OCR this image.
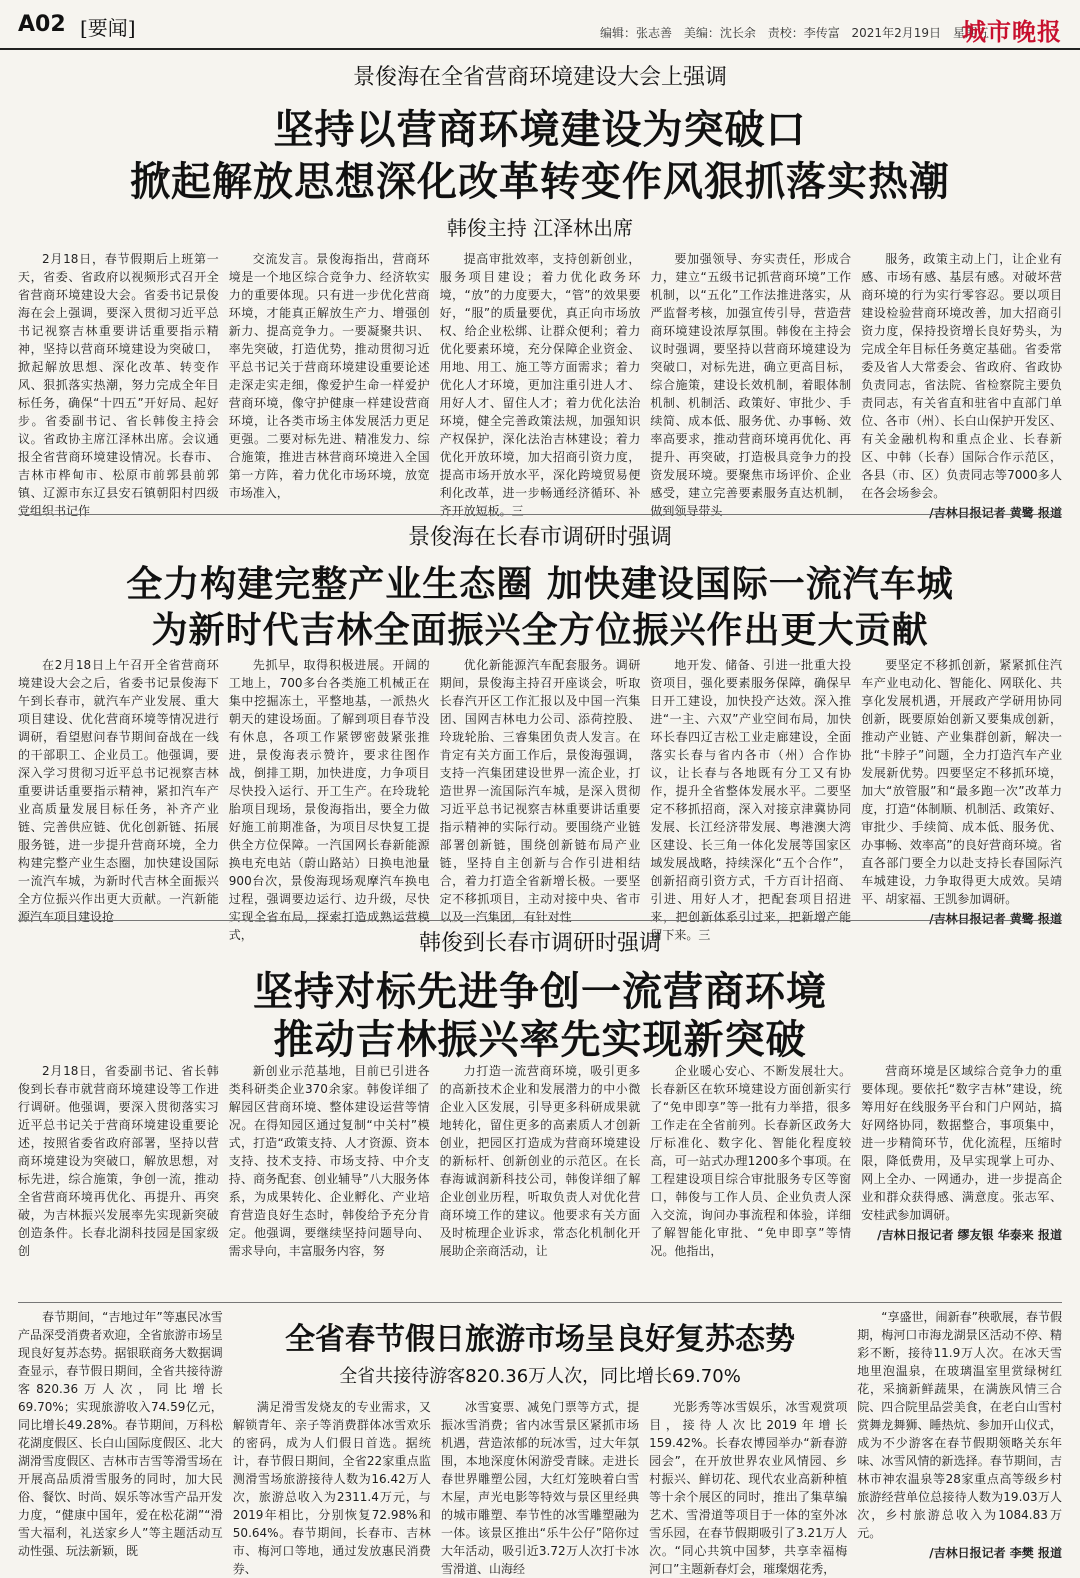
A02 [要闻]	编辑：张志善 美编：沈长余 责校：李传富 2021年2月19日　星期五
城市晚报
景俊海在全省营商环境建设大会上强调
坚持以营商环境建设为突破口
掀起解放思想深化改革转变作风狠抓落实热潮
韩俊主持 江泽林出席

2月18日，春节假期后上班第一天，省委、省政府以视频形式召开全省营商环境建设大会。省委书记景俊海在会上强调，要深入贯彻习近平总书记视察吉林重要讲话重要指示精神，坚持以营商环境建设为突破口，掀起解放思想、深化改革、转变作风、狠抓落实热潮，努力完成全年目标任务，确保“十四五”开好局、起好步。省委副书记、省长韩俊主持会议。省政协主席江泽林出席。会议通报全省营商环境建设情况。长春市、吉林市桦甸市、松原市前郭县前郭镇、辽源市东辽县安石镇朝阳村四级党组织书记作

交流发言。景俊海指出，营商环境是一个地区综合竞争力、经济软实力的重要体现。只有进一步优化营商环境，才能真正解放生产力、增强创新力、提高竞争力。一要凝聚共识、率先突破，打造优势，推动贯彻习近平总书记关于营商环境建设重要论述走深走实走细，像爱护生命一样爱护营商环境，像守护健康一样建设营商环境，让各类市场主体发展活力更足更强。二要对标先进、精准发力、综合施策，推进吉林营商环境进入全国第一方阵，着力优化市场环境，放宽市场准入，

提高审批效率，支持创新创业，服务项目建设；着力优化政务环境，“放”的力度要大，“管”的效果要好，“服”的质量要优，真正向市场放权、给企业松绑、让群众便利；着力优化要素环境，充分保障企业资金、用地、用工、施工等方面需求；着力优化人才环境，更加注重引进人才、用好人才、留住人才；着力优化法治环境，健全完善政策法规，加强知识产权保护，深化法治吉林建设；着力优化开放环境，加大招商引资力度，提高市场开放水平，深化跨境贸易便利化改革，进一步畅通经济循环、补齐开放短板。三

要加强领导、夯实责任，形成合力，建立“五级书记抓营商环境”工作机制，以“五化”工作法推进落实，从严监督考核，加强宣传引导，营造营商环境建设浓厚氛围。韩俊在主持会议时强调，要坚持以营商环境建设为突破口，对标先进，确立更高目标，综合施策，建设长效机制，着眼体制机制、机制活、政策好、审批少、手续简、成本低、服务优、办事畅、效率高要求，推动营商环境再优化、再提升、再突破，打造极具竞争力的投资发展环境。要聚焦市场评价、企业感受，建立完善要素服务直达机制，做到领导带头

服务，政策主动上门，让企业有感、市场有感、基层有感。对破坏营商环境的行为实行零容忍。要以项目建设检验营商环境改善，加大招商引资力度，保持投资增长良好势头，为完成全年目标任务奠定基础。省委常委及省人大常委会、省政府、省政协负责同志，省法院、省检察院主要负责同志，有关省直和驻省中直部门单位、各市（州）、长白山保护开发区、有关金融机构和重点企业、长春新区、中韩（长春）国际合作示范区，各县（市、区）负责同志等7000多人在各会场参会。

/吉林日报记者 黄鹭 报道
景俊海在长春市调研时强调
全力构建完整产业生态圈 加快建设国际一流汽车城
为新时代吉林全面振兴全方位振兴作出更大贡献

在2月18日上午召开全省营商环境建设大会之后，省委书记景俊海下午到长春市，就汽车产业发展、重大项目建设、优化营商环境等情况进行调研，看望慰问春节期间奋战在一线的干部职工、企业员工。他强调，要深入学习贯彻习近平总书记视察吉林重要讲话重要指示精神，紧扣汽车产业高质量发展目标任务，补齐产业链、完善供应链、优化创新链、拓展服务链，进一步提升营商环境，全力构建完整产业生态圈，加快建设国际一流汽车城，为新时代吉林全面振兴全方位振兴作出更大贡献。一汽新能源汽车项目建设抢

先抓早，取得积极进展。开阔的工地上，700多台各类施工机械正在集中挖掘冻土，平整地基，一派热火朝天的建设场面。了解到项目春节没有休息，各项工作紧锣密鼓紧张推进，景俊海表示赞许，要求往图作战，倒排工期，加快进度，力争项目尽快投入运行、开工生产。在玲珑轮胎项目现场，景俊海指出，要全力做好施工前期准备，为项目尽快复工提供全方位保障。一汽国网长春新能源换电充电站（蔚山路站）日换电池量900台次，景俊海现场观摩汽车换电过程，强调要边运行、边升级，尽快实现全省布局，探索打造成熟运营模式，

优化新能源汽车配套服务。调研期间，景俊海主持召开座谈会，听取长春汽开区工作汇报以及中国一汽集团、国网吉林电力公司、添荷控股、玲珑轮胎、三睿集团负责人发言。在肯定有关方面工作后，景俊海强调，支持一汽集团建设世界一流企业，打造世界一流国际汽车城，是深入贯彻习近平总书记视察吉林重要讲话重要指示精神的实际行动。要围绕产业链部署创新链，围绕创新链布局产业链，坚持自主创新与合作引进相结合，着力打造全省新增长极。一要坚定不移抓项目，主动对接中央、省市以及一汽集团，有针对性

地开发、储备、引进一批重大投资项目，强化要素服务保障，确保早日开工建设，加快投产达效。深入推进“一主、六双”产业空间布局，加快环长春四辽吉松工业走廊建设，全面落实长春与省内各市（州）合作协议，让长春与各地既有分工又有协作，提升全省整体发展水平。二要坚定不移抓招商，深入对接京津冀协同发展、长江经济带发展、粤港澳大湾区建设、长三角一体化发展等国家区域发展战略，持续深化“五个合作”，创新招商引资方式，千方百计招商、引进、用好人才，把配套项目招进来，把创新体系引过来，把新增产能留下来。三

要坚定不移抓创新，紧紧抓住汽车产业电动化、智能化、网联化、共享化发展机遇，开展政产学研用协同创新，既要原始创新又要集成创新，推动产业链、产业集群创新，解决一批“卡脖子”问题，全力打造汽车产业发展新优势。四要坚定不移抓环境，加大“放管服”和“最多跑一次”改革力度，打造“体制顺、机制活、政策好、审批少、手续简、成本低、服务优、办事畅、效率高”的良好营商环境。省直各部门要全力以赴支持长春国际汽车城建设，力争取得更大成效。吴靖平、胡家福、王凯参加调研。

/吉林日报记者 黄鹭 报道
韩俊到长春市调研时强调
坚持对标先进争创一流营商环境
推动吉林振兴率先实现新突破

2月18日，省委副书记、省长韩俊到长春市就营商环境建设等工作进行调研。他强调，要深入贯彻落实习近平总书记关于营商环境建设重要论述，按照省委省政府部署，坚持以营商环境建设为突破口，解放思想，对标先进，综合施策，争创一流，推动全省营商环境再优化、再提升、再突破，为吉林振兴发展率先实现新突破创造条件。长春北湖科技园是国家级创

新创业示范基地，目前已引进各类科研类企业370余家。韩俊详细了解园区营商环境、整体建设运营等情况。在得知园区通过复制“中关村”模式，打造“政策支持、人才资源、资本支持、技术支持、市场支持、中介支持、商务配套、创业辅导”八大服务体系，为成果转化、企业孵化、产业培育营造良好生态时，韩俊给予充分肯定。他强调，要继续坚持问题导向、需求导向，丰富服务内容，努

力打造一流营商环境，吸引更多的高新技术企业和发展潜力的中小微企业入区发展，引导更多科研成果就地转化，留住更多的高素质人才创新创业，把园区打造成为营商环境建设的新标杆、创新创业的示范区。在长春海诚润新科技公司，韩俊详细了解企业创业历程，听取负责人对优化营商环境工作的建议。他要求有关方面及时梳理企业诉求，常态化机制化开展助企亲商活动，让

企业暖心安心、不断发展壮大。长春新区在软环境建设方面创新实行了“免申即享”等一批有力举措，很多工作走在全省前列。长春新区政务大厅标准化、数字化、智能化程度较高，可一站式办理1200多个事项。在工程建设项目综合审批服务专区等窗口，韩俊与工作人员、企业负责人深入交流，询问办事流程和体验，详细了解智能化审批、“免申即享”等情况。他指出，

营商环境是区域综合竞争力的重要体现。要依托“数字吉林”建设，统筹用好在线服务平台和门户网站，搞好网络协同，数据整合，事项集中，进一步精简环节，优化流程，压缩时限，降低费用，及早实现掌上可办、网上全办、一网通办，进一步提高企业和群众获得感、满意度。张志军、安桂武参加调研。

/吉林日报记者 缪友银 华泰来 报道

春节期间，“吉地过年”等惠民冰雪产品深受消费者欢迎，全省旅游市场呈现良好复苏态势。据银联商务大数据调查显示，春节假日期间，全省共接待游客820.36万人次，同比增长69.70%；实现旅游收入74.59亿元，同比增长49.28%。春节期间，万科松花湖度假区、长白山国际度假区、北大湖滑雪度假区、吉林市吉雪等滑雪场在开展高品质滑雪服务的同时，加大民俗、餐饮、时尚、娱乐等冰雪产品开发力度，“健康中国年，爱在松花湖”“滑雪大福利，礼送家乡人”等主题活动互动性强、玩法新颖，既

全省春节假日旅游市场呈良好复苏态势
全省共接待游客820.36万人次，同比增长69.70%

满足滑雪发烧友的专业需求，又解锁青年、亲子等消费群体冰雪欢乐的密码，成为人们假日首选。据统计，春节假日期间，全省22家重点监测滑雪场旅游接待人数为16.42万人次，旅游总收入为2311.4万元，与2019年相比，分别恢复72.98%和50.64%。春节期间，长春市、吉林市、梅河口等地，通过发放惠民消费券、

冰雪宴票、减免门票等方式，提振冰雪消费；省内冰雪景区紧抓市场机遇，营造浓郁的玩冰雪，过大年氛围，本地深度休闲游受青睐。走进长春世界雕塑公园，大红灯笼映着白雪木屋，声光电影等特效与景区里经典的城市雕塑、奉节性的冰雪雕塑融为一体。该景区推出“乐牛公仔”陪你过大年活动，吸引近3.72万人次打卡冰雪滑道、山海经

光影秀等冰雪娱乐，冰雪观赏项目，接待人次比2019年增长159.42%。长春农博园举办“新春游园会”，在开放世界农业风情园、乡村振兴、鲜切花、现代农业高新种植等十余个展区的同时，推出了集草编艺术、雪滑道等项目于一体的室外冰雪乐园，在春节假期吸引了3.21万人次。“同心共筑中国梦，共享幸福梅河口”主题新春灯会，璀璨烟花秀，

“享盛世，闹新春”秧歌展，春节假期，梅河口市海龙湖景区活动不停、精彩不断，接待11.9万人次。在冰天雪地里泡温泉，在玻璃温室里赏绿树红花，采摘新鲜蔬果，在满族风情三合院、四合院里品尝美食，在老白山雪村赏舞龙舞狮、睡热炕、参加开山仪式，成为不少游客在春节假期领略关东年味、冰雪风情的新选择。春节期间，吉林市神农温泉等28家重点高等级乡村旅游经营单位总接待人数为19.03万人次，乡村旅游总收入为1084.83万元。

/吉林日报记者 李樊 报道
